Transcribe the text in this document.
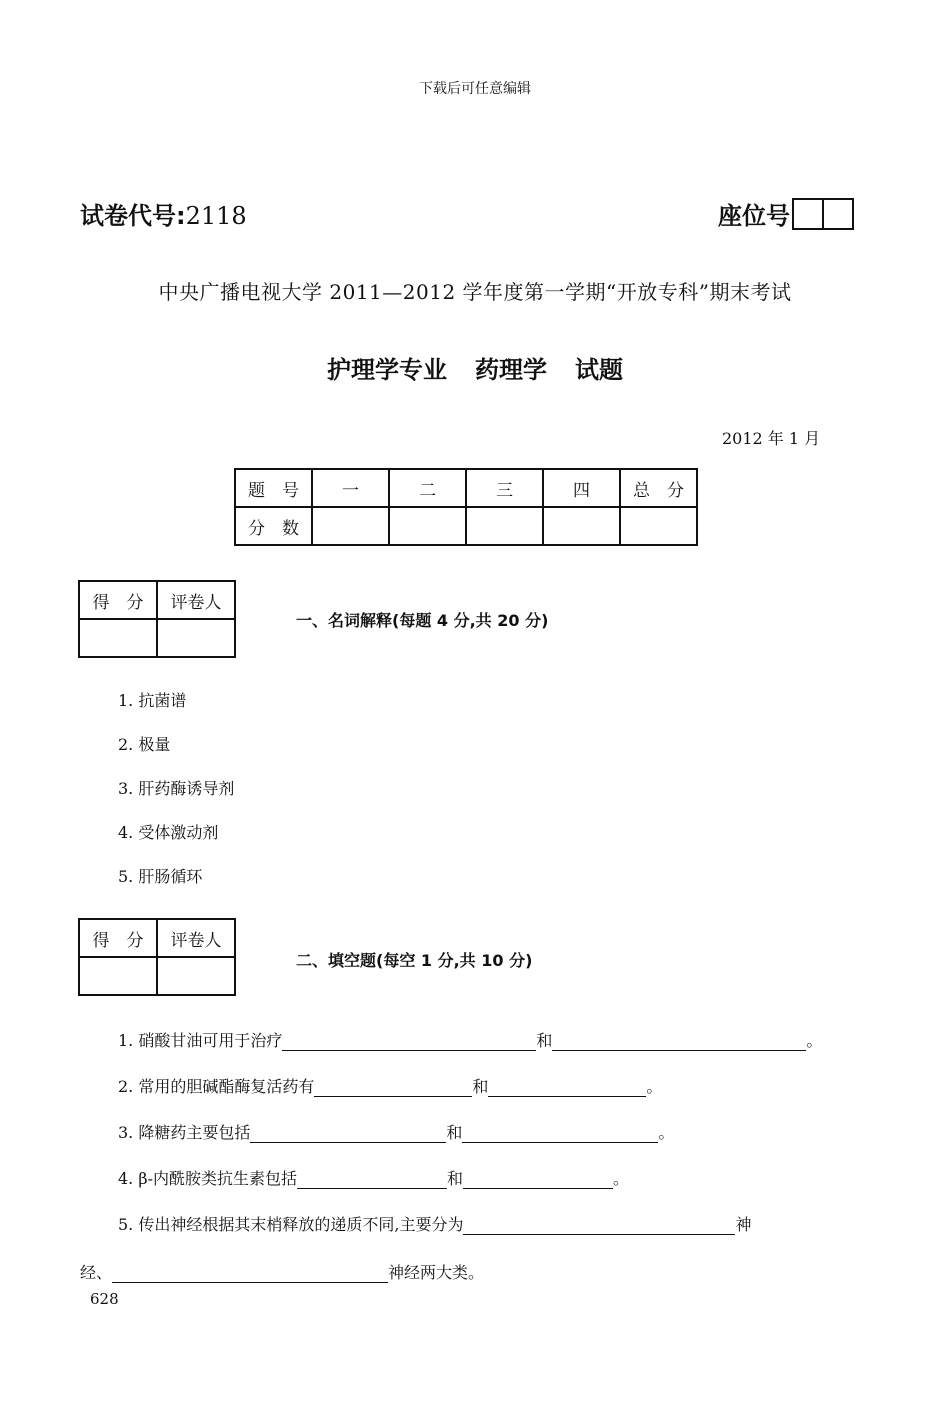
下载后可任意编辑
试卷代号:2118	座位号
中央广播电视大学 2011—2012 学年度第一学期“开放专科”期末考试
护理学专业 药理学 试题
2012 年 1 月
题　号	一	二	三	四	总　分
分　数					
得　分	评卷人

一、名词解释(每题 4 分,共 20 分)
1. 抗菌谱
2. 极量
3. 肝药酶诱导剂
4. 受体激动剂
5. 肝肠循环
得　分	评卷人

二、填空题(每空 1 分,共 10 分)
1. 硝酸甘油可用于治疗	和	。
2. 常用的胆碱酯酶复活药有	和	。
3. 降糖药主要包括	和	。
4. β-内酰胺类抗生素包括	和	。
5. 传出神经根据其末梢释放的递质不同,主要分为	神
经、	神经两大类。
628
